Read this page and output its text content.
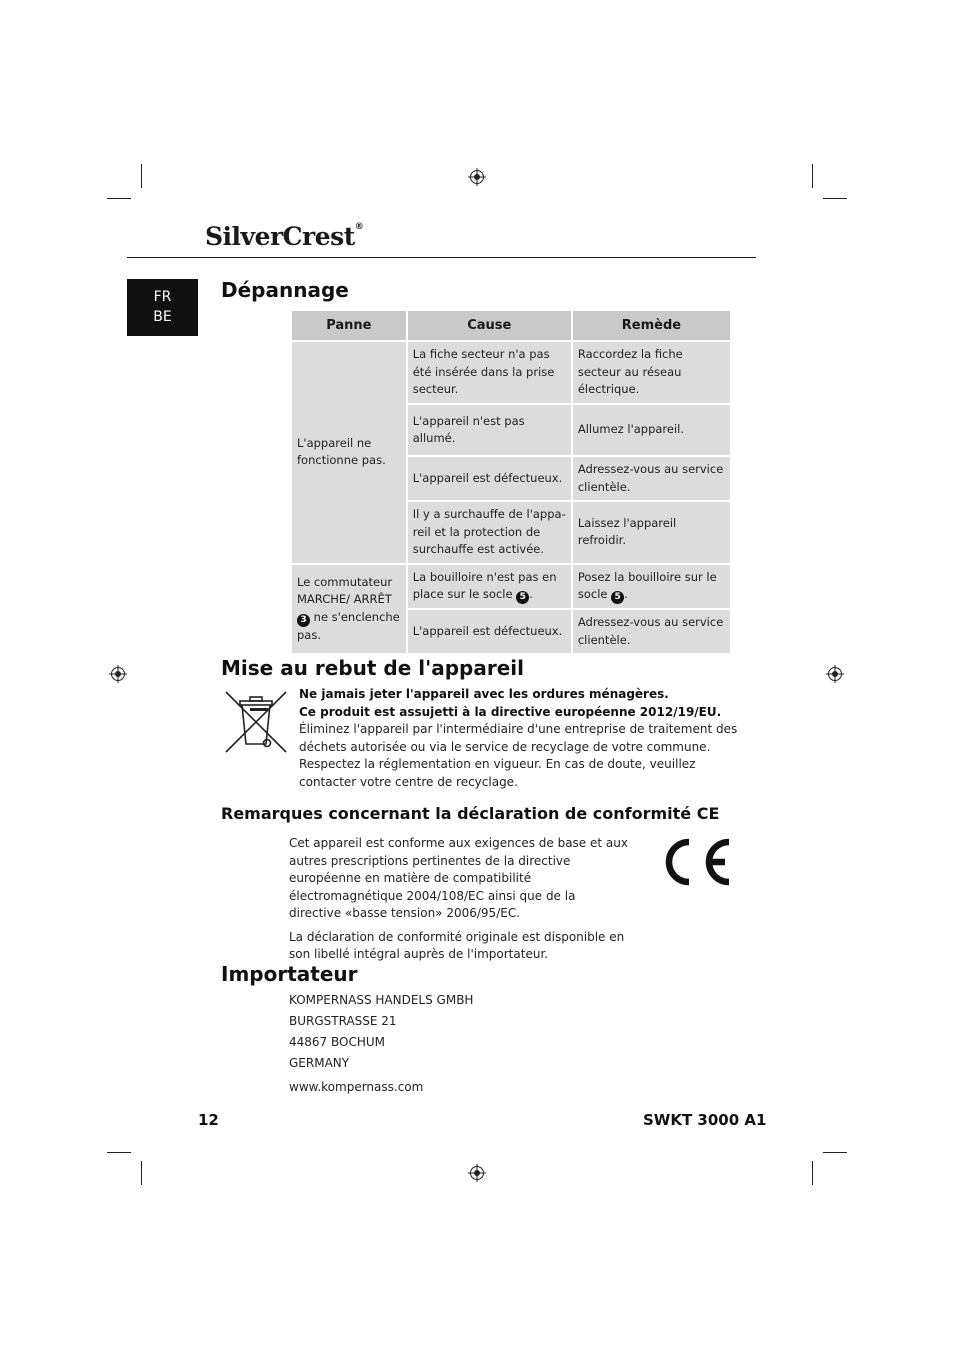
SilverCrest®
FR
BE
Dépannage
Panne	Cause	Remède
L'appareil ne fonctionne pas.	La fiche secteur n'a pas été insérée dans la prise secteur.	Raccordez la fiche secteur au réseau électrique.
	L'appareil n'est pas allumé.	Allumez l'appareil.
	L'appareil est défectueux.	Adressez-vous au service clientèle.
	Il y a surchauffe de l'appa-reil et la protection de surchauffe est activée.	Laissez l'appareil refroidir.
Le commutateur MARCHE/ ARRÊT 3 ne s'enclenche pas.	La bouilloire n'est pas en place sur le socle 5 .	Posez la bouilloire sur le socle 5 .
	L'appareil est défectueux.	Adressez-vous au service clientèle.
Mise au rebut de l'appareil
Ne jamais jeter l'appareil avec les ordures ménagères.
Ce produit est assujetti à la directive européenne 2012/19/EU.
Éliminez l'appareil par l'intermédiaire d'une entreprise de traitement des déchets autorisée ou via le service de recyclage de votre commune. Respectez la réglementation en vigueur. En cas de doute, veuillez contacter votre centre de recyclage.
Remarques concernant la déclaration de conformité CE
Cet appareil est conforme aux exigences de base et aux autres prescriptions pertinentes de la directive européenne en matière de compatibilité électromagnétique 2004/108/EC ainsi que de la directive «basse tension» 2006/95/EC.
La déclaration de conformité originale est disponible en son libellé intégral auprès de l'importateur.
Importateur
KOMPERNASS HANDELS GMBH
BURGSTRASSE 21
44867 BOCHUM
GERMANY
www.kompernass.com
12	SWKT 3000 A1
